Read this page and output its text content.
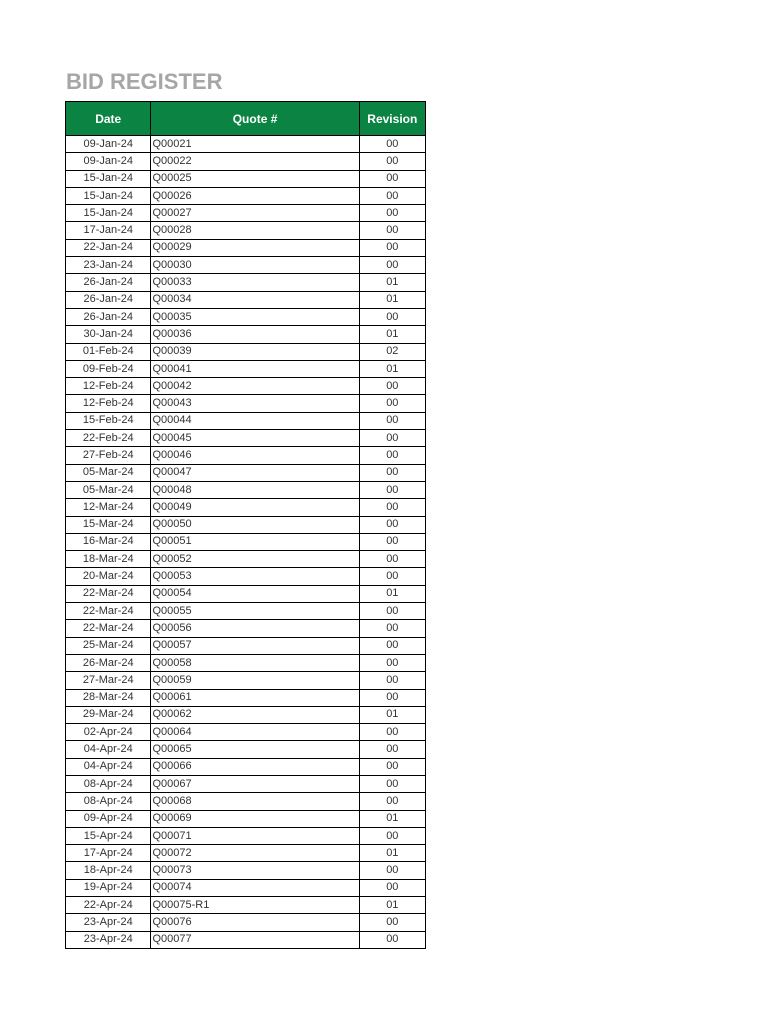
BID REGISTER
Date	Quote #	Revision
09-Jan-24	Q00021	00
09-Jan-24	Q00022	00
15-Jan-24	Q00025	00
15-Jan-24	Q00026	00
15-Jan-24	Q00027	00
17-Jan-24	Q00028	00
22-Jan-24	Q00029	00
23-Jan-24	Q00030	00
26-Jan-24	Q00033	01
26-Jan-24	Q00034	01
26-Jan-24	Q00035	00
30-Jan-24	Q00036	01
01-Feb-24	Q00039	02
09-Feb-24	Q00041	01
12-Feb-24	Q00042	00
12-Feb-24	Q00043	00
15-Feb-24	Q00044	00
22-Feb-24	Q00045	00
27-Feb-24	Q00046	00
05-Mar-24	Q00047	00
05-Mar-24	Q00048	00
12-Mar-24	Q00049	00
15-Mar-24	Q00050	00
16-Mar-24	Q00051	00
18-Mar-24	Q00052	00
20-Mar-24	Q00053	00
22-Mar-24	Q00054	01
22-Mar-24	Q00055	00
22-Mar-24	Q00056	00
25-Mar-24	Q00057	00
26-Mar-24	Q00058	00
27-Mar-24	Q00059	00
28-Mar-24	Q00061	00
29-Mar-24	Q00062	01
02-Apr-24	Q00064	00
04-Apr-24	Q00065	00
04-Apr-24	Q00066	00
08-Apr-24	Q00067	00
08-Apr-24	Q00068	00
09-Apr-24	Q00069	01
15-Apr-24	Q00071	00
17-Apr-24	Q00072	01
18-Apr-24	Q00073	00
19-Apr-24	Q00074	00
22-Apr-24	Q00075-R1	01
23-Apr-24	Q00076	00
23-Apr-24	Q00077	00
